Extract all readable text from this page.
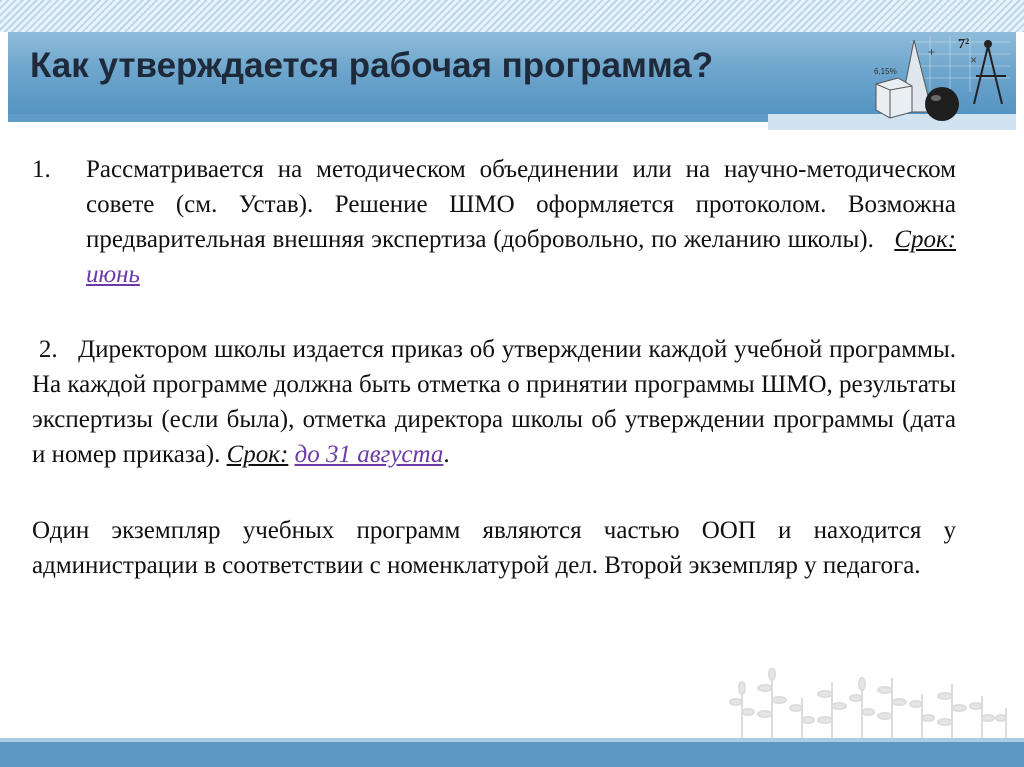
Как утверждается рабочая программа?
7²
6,15%
+
×
1. Рассматривается на методическом объединении или на научно-методическом совете (см. Устав). Решение ШМО оформляется протоколом. Возможна предварительная внешняя экспертиза (добровольно, по желанию школы). Срок: июнь
2. Директором школы издается приказ об утверждении каждой учебной программы. На каждой программе должна быть отметка о принятии программы ШМО, результаты экспертизы (если была), отметка директора школы об утверждении программы (дата и номер приказа). Срок: до 31 августа.
Один экземпляр учебных программ являются частью ООП и находится у администрации в соответствии с номенклатурой дел. Второй экземпляр у педагога.
